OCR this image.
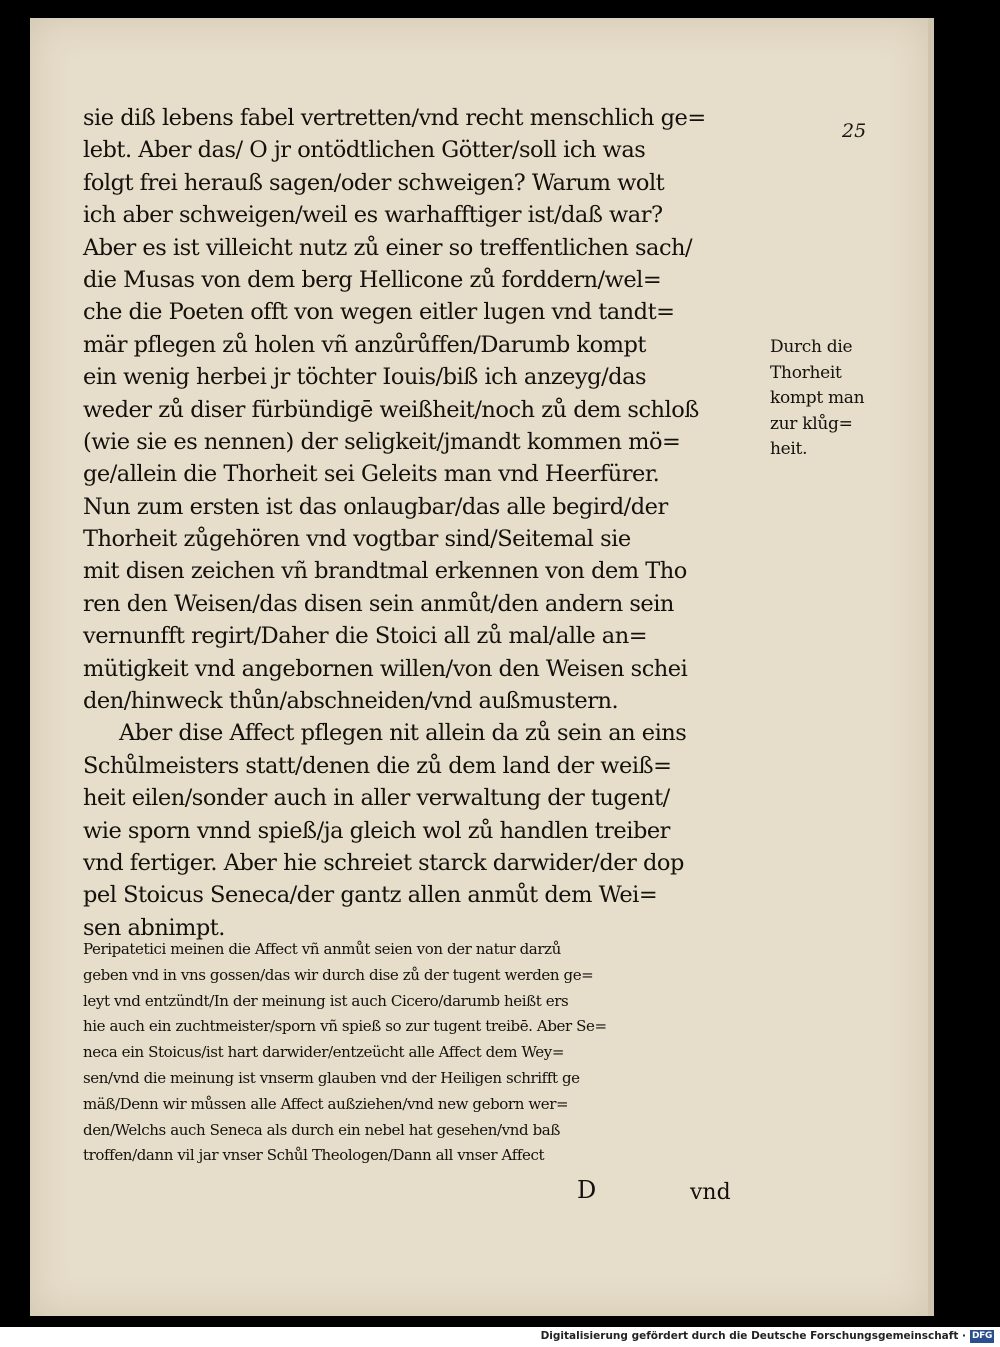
25
sie diß lebens fabel vertretten/vnd recht menschlich ge=
lebt. Aber das/ O jr ontödtlichen Götter/soll ich was
folgt frei herauß sagen/oder schweigen? Warum wolt
ich aber schweigen/weil es warhafftiger ist/daß war?
Aber es ist villeicht nutz zů einer so treffentlichen sach/
die Musas von dem berg Hellicone zů forddern/wel=
che die Poeten offt von wegen eitler lugen vnd tandt=
mär pflegen zů holen vñ anzůrůffen/Darumb kompt
ein wenig herbei jr töchter Iouis/biß ich anzeyg/das
weder zů diser fürbündigē weißheit/noch zů dem schloß
(wie sie es nennen) der seligkeit/jmandt kommen mö=
ge/allein die Thorheit sei Geleits man vnd Heerfürer.
Nun zum ersten ist das onlaugbar/das alle begird/der
Thorheit zůgehören vnd vogtbar sind/Seitemal sie
mit disen zeichen vñ brandtmal erkennen von dem Tho
ren den Weisen/das disen sein anmůt/den andern sein
vernunfft regirt/Daher die Stoici all zů mal/alle an=
mütigkeit vnd angebornen willen/von den Weisen schei
den/hinweck thůn/abschneiden/vnd außmustern.
Aber dise Affect pflegen nit allein da zů sein an eins
Schůlmeisters statt/denen die zů dem land der weiß=
heit eilen/sonder auch in aller verwaltung der tugent/
wie sporn vnnd spieß/ja gleich wol zů handlen treiber
vnd fertiger. Aber hie schreiet starck darwider/der dop
pel Stoicus Seneca/der gantz allen anmůt dem Wei=
sen abnimpt.
Peripatetici meinen die Affect vñ anmůt seien von der natur darzů
geben vnd in vns gossen/das wir durch dise zů der tugent werden ge=
leyt vnd entzündt/In der meinung ist auch Cicero/darumb heißt ers
hie auch ein zuchtmeister/sporn vñ spieß so zur tugent treibē. Aber Se=
neca ein Stoicus/ist hart darwider/entzeücht alle Affect dem Wey=
sen/vnd die meinung ist vnserm glauben vnd der Heiligen schrifft ge
mäß/Denn wir můssen alle Affect außziehen/vnd new geborn wer=
den/Welchs auch Seneca als durch ein nebel hat gesehen/vnd baß
troffen/dann vil jar vnser Schůl Theologen/Dann all vnser Affect
D	vnd
Durch die
Thorheit
kompt man
zur klůg=
heit.
Digitalisierung gefördert durch die Deutsche Forschungsgemeinschaft · DFG
